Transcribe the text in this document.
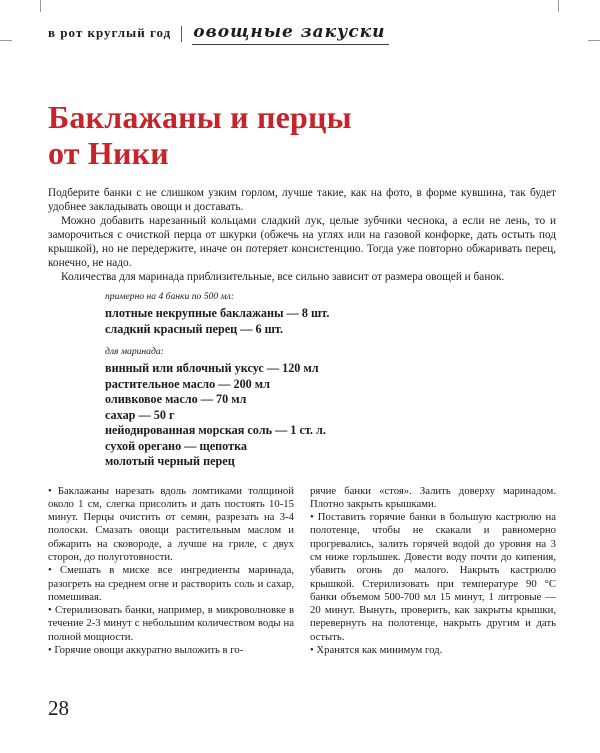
в рот круглый год овощные закуски
Баклажаны и перцы
от Ники

Подберите банки с не слишком узким горлом, лучше такие, как на фото, в форме кувшина, так будет удобнее закладывать овощи и доставать.

Можно добавить нарезанный кольцами сладкий лук, целые зубчики чеснока, а если не лень, то и заморочиться с очисткой перца от шкурки (обжечь на углях или на газовой конфорке, дать остыть под крышкой), но не передержите, иначе он потеряет консистенцию. Тогда уже повторно обжаривать перец, конечно, не надо.

Количества для маринада приблизительные, все сильно зависит от размера овощей и банок.

примерно на 4 банки по 500 мл:
плотные некрупные баклажаны — 8 шт.
сладкий красный перец — 6 шт.
для маринада:
винный или яблочный уксус — 120 мл
растительное масло — 200 мл
оливковое масло — 70 мл
сахар — 50 г
нейодированная морская соль — 1 ст. л.
сухой орегано — щепотка
молотый черный перец

• Баклажаны нарезать вдоль ломтиками толщиной около 1 см, слегка присолить и дать постоять 10-15 минут. Перцы очистить от семян, разрезать на 3-4 полоски. Смазать овощи растительным маслом и обжарить на сковороде, а лучше на гриле, с двух сторон, до полуготовности.

• Смешать в миске все ингредиенты маринада, разогреть на среднем огне и растворить соль и сахар, помешивая.

• Стерилизовать банки, например, в микроволновке в течение 2-3 минут с небольшим количеством воды на полной мощности.

• Горячие овощи аккуратно выложить в го-

рячие банки «стоя». Залить доверху маринадом. Плотно закрыть крышками.

• Поставить горячие банки в большую кастрюлю на полотенце, чтобы не скакали и равномерно прогревались, залить горячей водой до уровня на 3 см ниже горлышек. Довести воду почти до кипения, убавить огонь до малого. Накрыть кастрюлю крышкой. Стерилизовать при температуре 90 °C банки объемом 500-700 мл 15 минут, 1 литровые — 20 минут. Вынуть, проверить, как закрыты крышки, перевернуть на полотенце, накрыть другим и дать остыть.

• Хранятся как минимум год.

28
